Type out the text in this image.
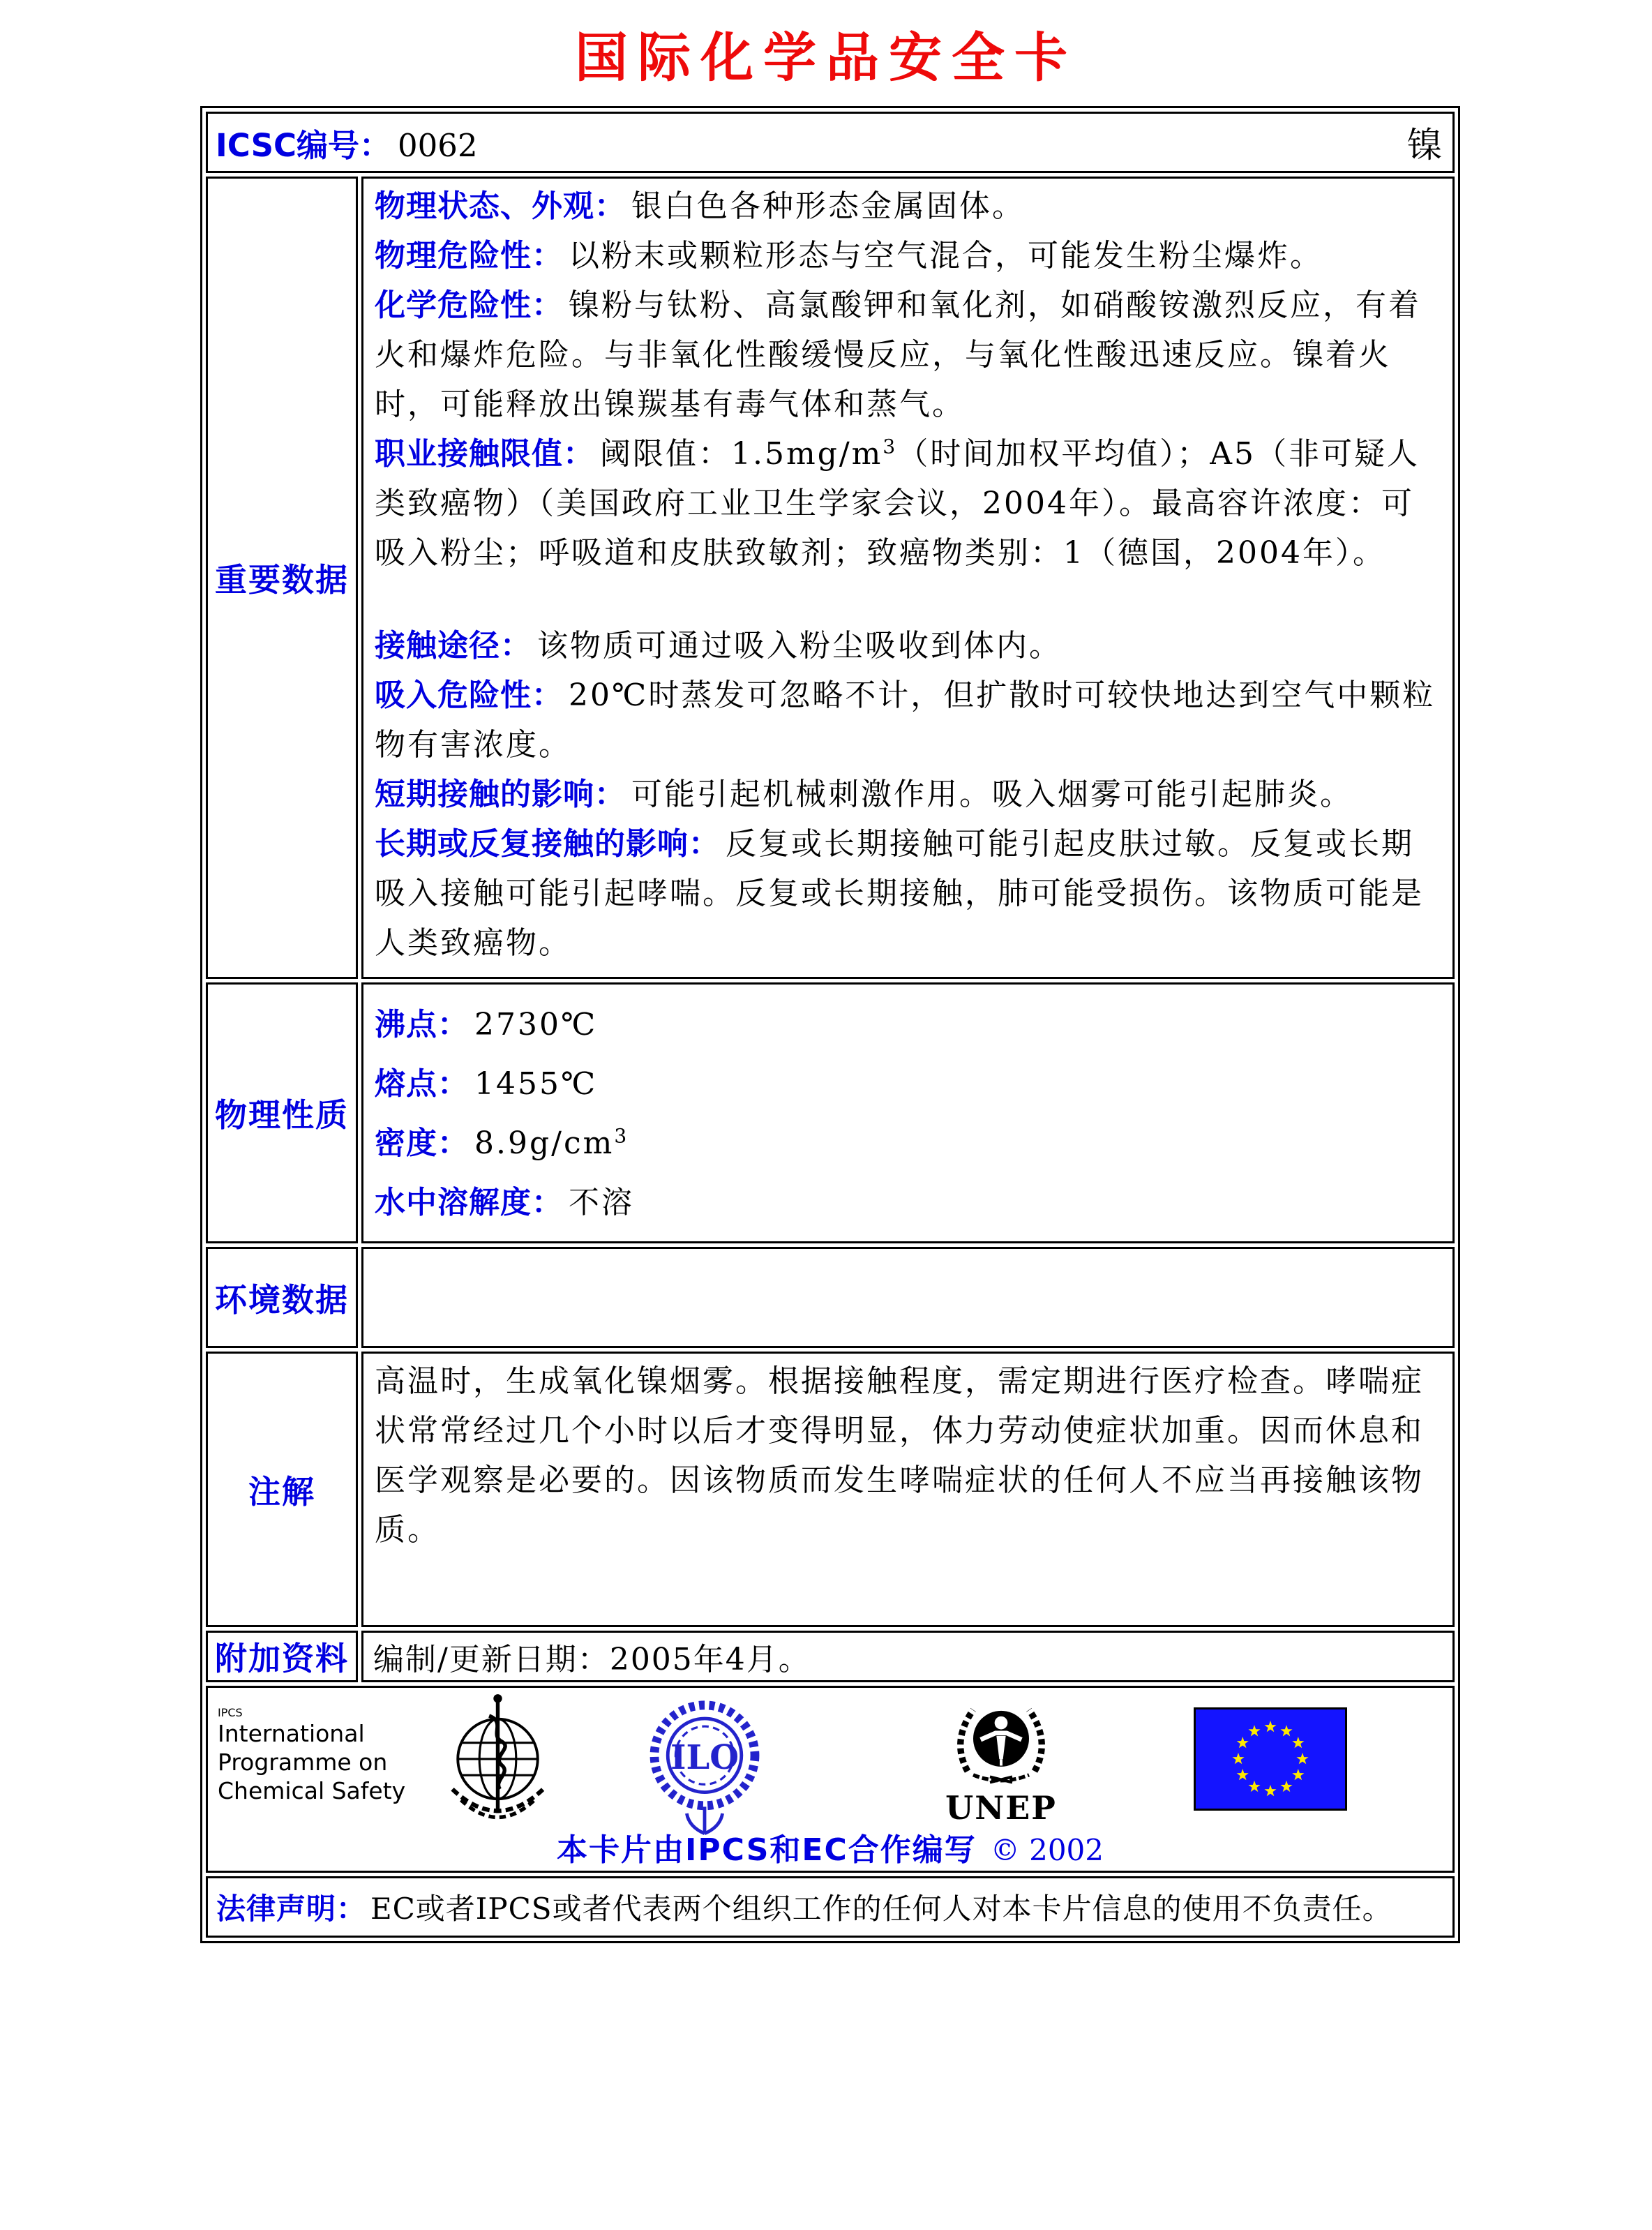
国际化学品安全卡
ICSC编号： 0062 镍	

重要数据	

物理状态、外观： 银白色各种形态金属固体。

物理危险性： 以粉末或颗粒形态与空气混合，可能发生粉尘爆炸。

化学危险性： 镍粉与钛粉、高氯酸钾和氧化剂，如硝酸铵激烈反应，有着火和爆炸危险。与非氧化性酸缓慢反应，与氧化性酸迅速反应。镍着火时，可能释放出镍羰基有毒气体和蒸气。

职业接触限值： 阈限值：$1.5mg/m^3$（时间加权平均值）；A5（非可疑人类致癌物）（美国政府工业卫生学家会议，2004年）。最高容许浓度：可吸入粉尘；呼吸道和皮肤致敏剂；致癌物类别：1（德国，2004年）。

接触途径： 该物质可通过吸入粉尘吸收到体内。

吸入危险性： 20℃时蒸发可忽略不计，但扩散时可较快地达到空气中颗粒物有害浓度。

短期接触的影响： 可能引起机械刺激作用。吸入烟雾可能引起肺炎。

长期或反复接触的影响： 反复或长期接触可能引起皮肤过敏。反复或长期吸入接触可能引起哮喘。反复或长期接触，肺可能受损伤。该物质可能是人类致癌物。

物理性质	沸点： 2730℃
熔点： 1455℃
密度： $8.9g/cm^3$
水中溶解度： 不溶

环境数据	
注解	高温时，生成氧化镍烟雾。根据接触程度，需定期进行医疗检查。哮喘症状常常经过几个小时以后才变得明显，体力劳动使症状加重。因而休息和医学观察是必要的。因该物质而发生哮喘症状的任何人不应当再接触该物质。

附加资料	编制/更新日期：2005年4月。

IPCS
International
Programme on
Chemical Safety
ILO
UNEP
本卡片由IPCS和EC合作编写 © 2002

法律声明： EC或者IPCS或者代表两个组织工作的任何人对本卡片信息的使用不负责任。	
